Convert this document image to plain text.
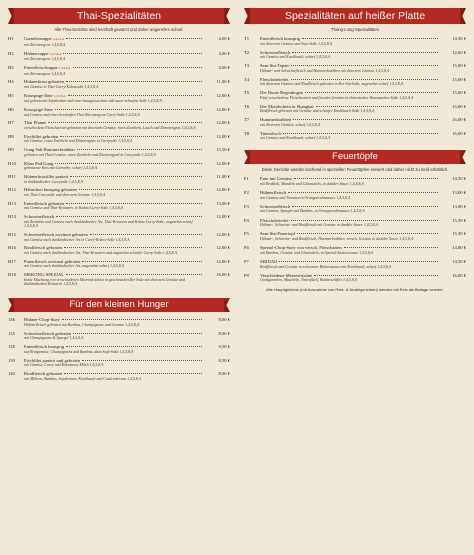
Thai-Spezialitäten
Alle Thai-Gerichte sind herzhaft gewürzt und daher angenehm scharf.
H1	Garnelensuppe 1,4,5,8,A	4,00 €
mit Zitronengras 1,4,5,8,A
H2	Hühnersuppe 1,4,5,8,A	4,00 €
mit Zitronengras 1,4,5,8,A
H3	Entenfleischsuppe 1,4,5,8,A	4,00 €
mit Zitronengras 1,4,5,8,A
H4	Hühnerbrust gebraten	11,00 €
mit Gemüse in Thai-Curry-Kokossoße 1,4,5,8,A
H5	Knusprige Ente 1,4,5,8,A	12,00 €
auf gebratenen Sojakeimen und einer hausgemachten süß-sauer-scharfen Soße 1,4,5,8,A
H6	Knusprige Ente	12,00 €
auf Gemüse und einer herzhaften Thai-Zitronengras-Curry-Soße 1,4,5,8,A
H7	Thai Pfanne	12,00 €
verschiedene Fleischsorten gebraten mit diversem Gemüse, roten Zwiebeln, Lauch und Zitronengras 1,4,5,8,A
H8	Fischfilet gebraten	12,00 €
mit Gemüse, roten Zwiebeln und Zitronengras in Currysoße 1,4,5,8,A
H9	Gung Sab Hummerkrabben	15,50 €
gebraten mit Thai-Gemüse, roten Zwiebeln und Zitronengrad in Currysoße 1,4,5,8,A
H10	Khao Pad Gung	12,00 €
gebratener Reis mit Garnelen, scharf 1,4,5,8,A
H11	Hühnerbrustfilet paniert	11,00 €
in thailändischer Currysoße 1,4,5,8,A
H12	Hähnchen knusprig gebraten	12,00 €
mit Thai-Currysoße und diversem Gemüse 1,4,5,8,A
H13	Entenfleisch gebraten	13,00 €
mit Gemüse und Thai-Kräutern, in Kokos-Curry-Soße 1,4,5,8,A
H14	Schweinefleisch	12,00 €
mit Zwiebeln und Gemüse nach thailändischer Art, Thai-Kräutern und Kokos-Curry-Soße, angenehm scharf 1,4,5,8,A
H15	Schweinefleisch zweimal gebraten	12,00 €
mit Gemüse nach thailändischer Art in Curry-Kokos-Soße 1,4,5,8,A
H16	Rindfleisch gebraten	12,00 €
mit Gemüse nach thailändischer Art, Thai-Kräutern und angenehm scharfer Curry-Soße 1,4,5,8,A
H17	Putenfleisch zweimal gebraten	12,00 €
mit Gemüse nach thailändischer Art, angenehm scharf 1,4,5,8,A
H18	MEKONG-SPEZIAL	16,00 €
bunte Mischung von verschiedenen Meeresfrüchten in geschmackvoller Soße mit diversem Gemüse und thailändischen Kräutern 1,4,5,8,A
Für den kleinen Hunger
136	Hühner-Chop-Suey	8,00 €
Hühnerfleisch gebraten mit Bambus, Champignons und Gemüse 1,4,5,8,A
135	Schweinefleisch gebraten	8,00 €
mit Champignons & Spargel 1,4,5,8,A
138	Entenfleisch knusprig	9,50 €
auf Bratgemüse, Champignons und Bambus, dazu Soja-Soße 1,4,5,8,A
139	Fischfilet paniert und gebraten	8,50 €
mit Gemüse, Curry und Kokosnuss-Milch 1,4,5,8,A
140	Rindfleisch gebraten	8,00 €
mit Möhren, Bambus, Sojakeimen, Knoblauch und Cashewkernen 1,4,5,8,A
Spezialitäten auf heißer Platte
Thang-Long-Spezialitäten
T1	Entenfleisch knusprig	14,50 €
mit diversem Gemüse und Soja-Soße 1,4,5,8,A
T2	Schweinefleisch	12,00 €
mit Gemüse und Knoblauch, scharf 1,4,5,8,A
T3	Sam-Sin-Tepan	15,00 €
Hühner- und Schweinefleisch und Hummerkrabben mit diversem Gemüse 1,4,5,8,A
T4	Fleischdreierlei	15,00 €
mit diversem Gemüse und Rindfleisch gebraten in Hoi-Sin-Soße, angenehm scharf 1,4,5,8,A
T5	Der Bunte Regenbogen	15,00 €
Fünf verschiedene Fleischsorten und frisches Gemüse in chinesischer Hausmacher-Soße 1,4,5,8,A
T6	Der Mondschein in Shanghai	15,00 €
Rindfleisch gebraten mit Gemüse und scharfer Knoblauch-Soße 1,4,5,8,A
T7	Hummerkrabben	16,00 €
mit diversem Gemüse, scharf 1,4,5,8,A
T8	Tintenfisch	16,00 €
mit Gemüse und Knoblauch, scharf 1,4,5,8,A
Feuertöpfe
Diese Gerichte werden kochend in speziellen Feuertöpfen serviert und daher nicht zu heiß erhältlich.
F1	Ente mit Gemüse	14,50 €
mit Brokkoli, Mandeln und Glasnudeln, in dunkler Sauce 1,4,5,8,A
F2	Hühnerfleisch	13,00 €
mit Gemüse und Tomaten in Orangenrahmsauce 1,4,5,8,A
F3	Schweinefleisch	13,00 €
mit Gemüse, Spargel und Bambus, in Orangenrahmsauce 1,4,5,8,A
F4	Fleischdreierlei	15,50 €
Hühner-, Schweine- und Rindfleisch mit Gemüse in dunkler Sauce 1,4,5,8,A
F5	Sam-Sin-Feuertopf	15,50 €
Hühner-, Schweine- und Rindfleisch, Hummerkrabben, versch. Gemüse in dunkler Sauce 1,4,5,8,A
F6	Spezial-Chop-Suey von versch. Fleischarten	14,00 €
mit Bambus, Gemüse und Glasnudeln, in Spezial-Austernsauce 1,4,5,8,A
F7	SHIJIAO	14,50 €
Rindfleisch und Gemüse in schwarzer Bohnensauce mit Knoblauch, scharf 1,4,5,8,A
F8	Verschiedene Meeresfrüchte	16,00 €
Großgarnelen, Muscheln, Tintenfisch, Rotbarschfilet 1,4,5,8,A
Alle Hauptgerichte (mit Ausnahme von Reis- & Nudelgerichten) werden mit Reis als Beilage serviert.
